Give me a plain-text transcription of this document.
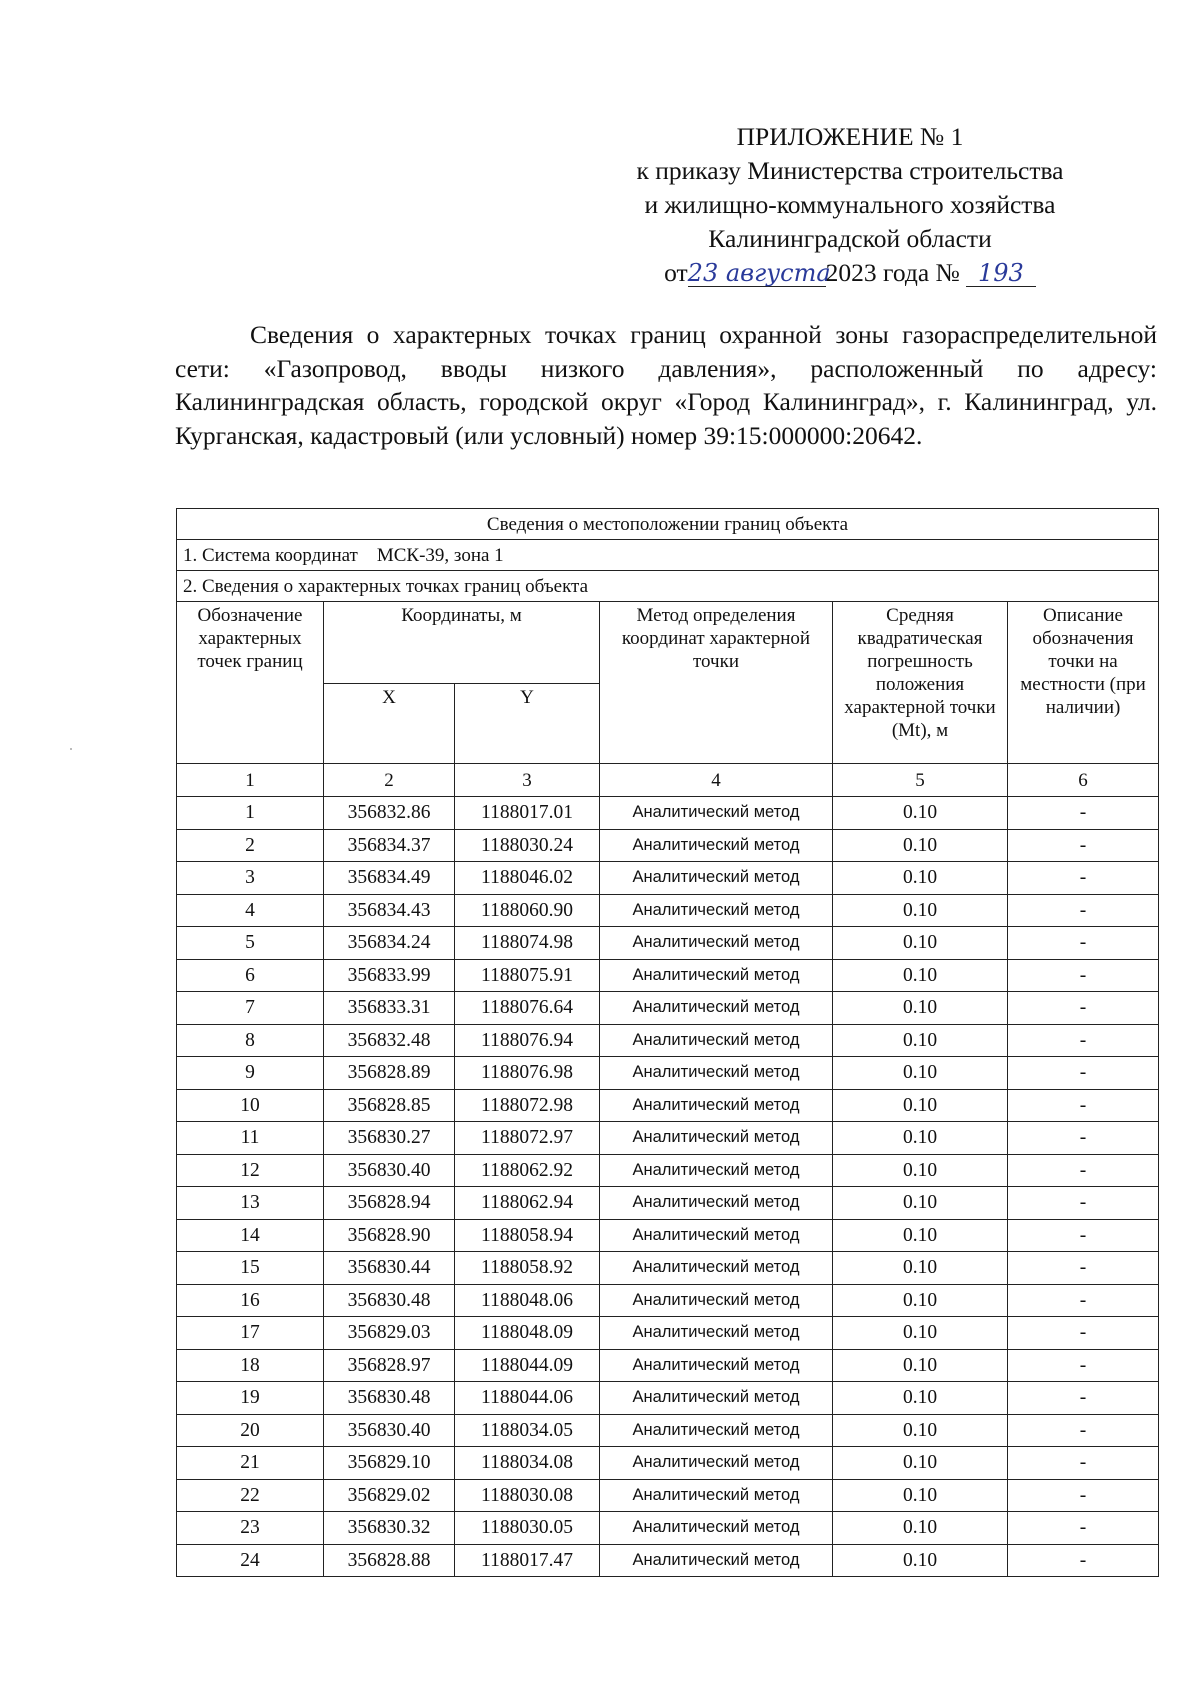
ПРИЛОЖЕНИЕ № 1
к приказу Министерства строительства
и жилищно-коммунального хозяйства
Калининградской области
от23 августа2023 года № 193
Сведения о характерных точках границ охранной зоны газораспределительной сети: «Газопровод, вводы низкого давления», расположенный по адресу: Калининградская область, городской округ «Город Калининград», г. Калининград, ул. Курганская, кадастровый (или условный) номер 39:15:000000:20642.
Сведения о местоположении границ объекта					
1. Система координат МСК-39, зона 1					
2. Сведения о характерных точках границ объекта					
Обозначение характерных точек границ	Координаты, м		Метод определения координат характерной точки	Средняя квадратическая погрешность положения характерной точки (Mt), м	Описание обозначения точки на местности (при наличии)
	X	Y			
1	2	3	4	5	6
1	356832.86	1188017.01	Аналитический метод	0.10	-
2	356834.37	1188030.24	Аналитический метод	0.10	-
3	356834.49	1188046.02	Аналитический метод	0.10	-
4	356834.43	1188060.90	Аналитический метод	0.10	-
5	356834.24	1188074.98	Аналитический метод	0.10	-
6	356833.99	1188075.91	Аналитический метод	0.10	-
7	356833.31	1188076.64	Аналитический метод	0.10	-
8	356832.48	1188076.94	Аналитический метод	0.10	-
9	356828.89	1188076.98	Аналитический метод	0.10	-
10	356828.85	1188072.98	Аналитический метод	0.10	-
11	356830.27	1188072.97	Аналитический метод	0.10	-
12	356830.40	1188062.92	Аналитический метод	0.10	-
13	356828.94	1188062.94	Аналитический метод	0.10	-
14	356828.90	1188058.94	Аналитический метод	0.10	-
15	356830.44	1188058.92	Аналитический метод	0.10	-
16	356830.48	1188048.06	Аналитический метод	0.10	-
17	356829.03	1188048.09	Аналитический метод	0.10	-
18	356828.97	1188044.09	Аналитический метод	0.10	-
19	356830.48	1188044.06	Аналитический метод	0.10	-
20	356830.40	1188034.05	Аналитический метод	0.10	-
21	356829.10	1188034.08	Аналитический метод	0.10	-
22	356829.02	1188030.08	Аналитический метод	0.10	-
23	356830.32	1188030.05	Аналитический метод	0.10	-
24	356828.88	1188017.47	Аналитический метод	0.10	-
